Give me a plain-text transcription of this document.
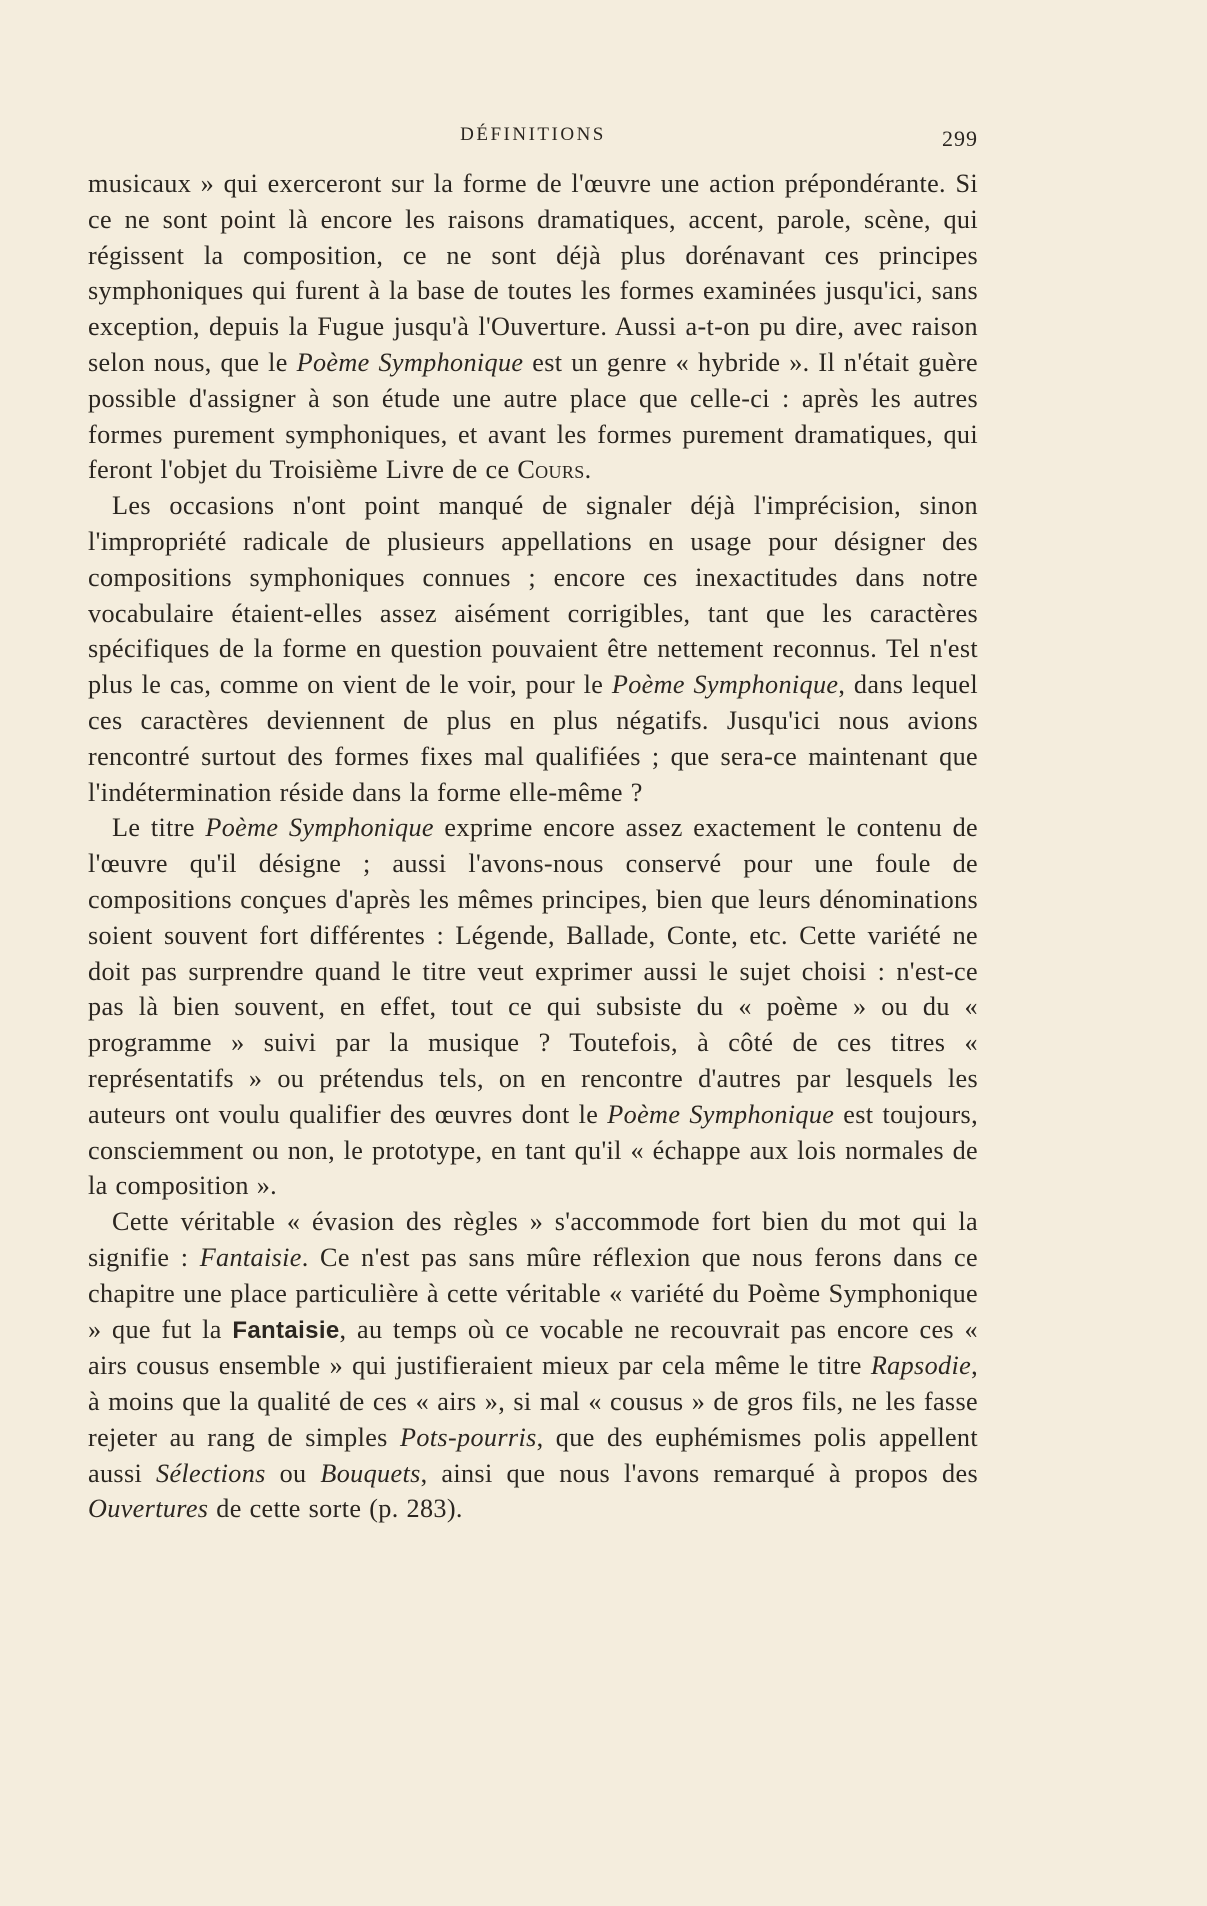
DÉFINITIONS	299

musicaux » qui exerceront sur la forme de l'œuvre une action prépondérante. Si ce ne sont point là encore les raisons dramatiques, accent, parole, scène, qui régissent la composition, ce ne sont déjà plus dorénavant ces principes symphoniques qui furent à la base de toutes les formes examinées jusqu'ici, sans exception, depuis la Fugue jusqu'à l'Ouverture. Aussi a-t-on pu dire, avec raison selon nous, que le Poème Symphonique est un genre « hybride ». Il n'était guère possible d'assigner à son étude une autre place que celle-ci : après les autres formes purement symphoniques, et avant les formes purement dramatiques, qui feront l'objet du Troisième Livre de ce Cours.

Les occasions n'ont point manqué de signaler déjà l'imprécision, sinon l'impropriété radicale de plusieurs appellations en usage pour désigner des compositions symphoniques connues ; encore ces inexactitudes dans notre vocabulaire étaient-elles assez aisément corrigibles, tant que les caractères spécifiques de la forme en question pouvaient être nettement reconnus. Tel n'est plus le cas, comme on vient de le voir, pour le Poème Symphonique, dans lequel ces caractères deviennent de plus en plus négatifs. Jusqu'ici nous avions rencontré surtout des formes fixes mal qualifiées ; que sera-ce maintenant que l'indétermination réside dans la forme elle-même ?

Le titre Poème Symphonique exprime encore assez exactement le contenu de l'œuvre qu'il désigne ; aussi l'avons-nous conservé pour une foule de compositions conçues d'après les mêmes principes, bien que leurs dénominations soient souvent fort différentes : Légende, Ballade, Conte, etc. Cette variété ne doit pas surprendre quand le titre veut exprimer aussi le sujet choisi : n'est-ce pas là bien souvent, en effet, tout ce qui subsiste du « poème » ou du « programme » suivi par la musique ? Toutefois, à côté de ces titres « représentatifs » ou prétendus tels, on en rencontre d'autres par lesquels les auteurs ont voulu qualifier des œuvres dont le Poème Symphonique est toujours, consciemment ou non, le prototype, en tant qu'il « échappe aux lois normales de la composition ».

Cette véritable « évasion des règles » s'accommode fort bien du mot qui la signifie : Fantaisie. Ce n'est pas sans mûre réflexion que nous ferons dans ce chapitre une place particulière à cette véritable « variété du Poème Symphonique » que fut la Fantaisie, au temps où ce vocable ne recouvrait pas encore ces « airs cousus ensemble » qui justifieraient mieux par cela même le titre Rapsodie, à moins que la qualité de ces « airs », si mal « cousus » de gros fils, ne les fasse rejeter au rang de simples Pots-pourris, que des euphémismes polis appellent aussi Sélections ou Bouquets, ainsi que nous l'avons remarqué à propos des Ouvertures de cette sorte (p. 283).
